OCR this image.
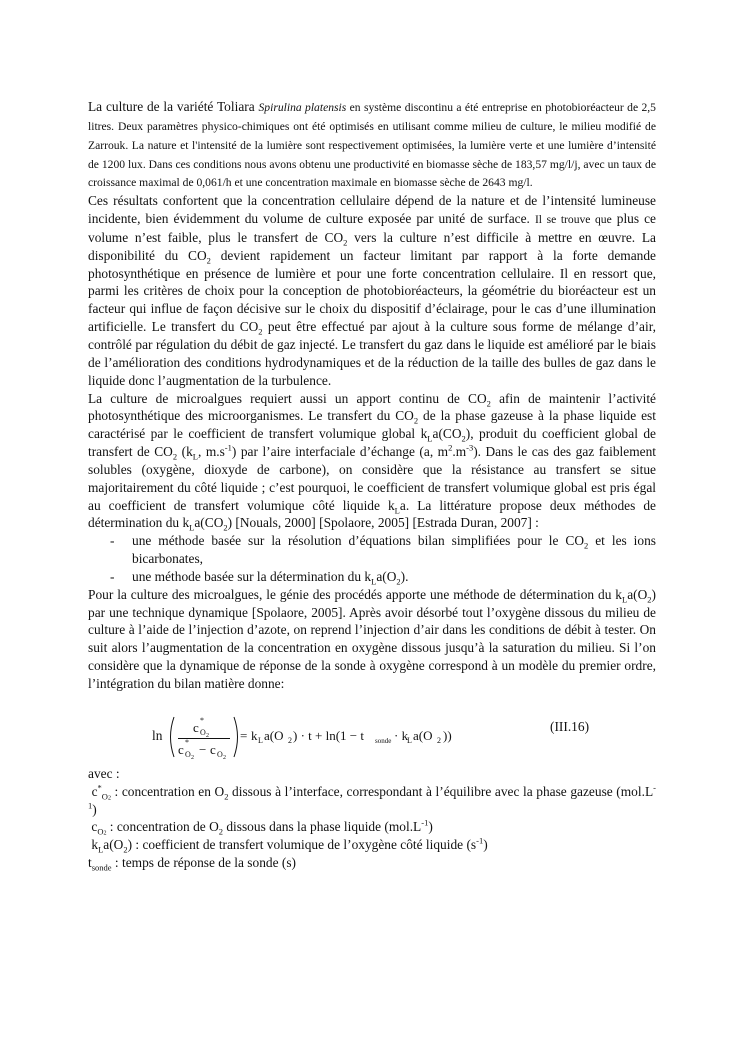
La culture de la variété Toliara Spirulina platensis en système discontinu a été entreprise en photobioréacteur de 2,5 litres. Deux paramètres physico-chimiques ont été optimisés en utilisant comme milieu de culture, le milieu modifié de Zarrouk. La nature et l'intensité de la lumière sont respectivement optimisées, la lumière verte et une lumière d’intensité de 1200 lux. Dans ces conditions nous avons obtenu une productivité en biomasse sèche de 183,57 mg/l/j, avec un taux de croissance maximal de 0,061/h et une concentration maximale en biomasse sèche de 2643 mg/l.

Ces résultats confortent que la concentration cellulaire dépend de la nature et de l’intensité lumineuse incidente, bien évidemment du volume de culture exposée par unité de surface. Il se trouve que plus ce volume n’est faible, plus le transfert de $CO_2$ vers la culture n’est difficile à mettre en œuvre. La disponibilité du $CO_2$ devient rapidement un facteur limitant par rapport à la forte demande photosynthétique en présence de lumière et pour une forte concentration cellulaire. Il en ressort que, parmi les critères de choix pour la conception de photobioréacteurs, la géométrie du bioréacteur est un facteur qui influe de façon décisive sur le choix du dispositif d’éclairage, pour le cas d’une illumination artificielle. Le transfert du $CO_2$ peut être effectué par ajout à la culture sous forme de mélange d’air, contrôlé par régulation du débit de gaz injecté. Le transfert du gaz dans le liquide est amélioré par le biais de l’amélioration des conditions hydrodynamiques et de la réduction de la taille des bulles de gaz dans le liquide donc l’augmentation de la turbulence.

La culture de microalgues requiert aussi un apport continu de $CO_2$ afin de maintenir l’activité photosynthétique des microorganismes. Le transfert du $CO_2$ de la phase gazeuse à la phase liquide est caractérisé par le coefficient de transfert volumique global $k_La(CO_2)$, produit du coefficient global de transfert de $CO_2$ ($k_L$, $m.s^{-1}$) par l’aire interfaciale d’échange (a, $m^2.m^{-3}$). Dans le cas des gaz faiblement solubles (oxygène, dioxyde de carbone), on considère que la résistance au transfert se situe majoritairement du côté liquide ; c’est pourquoi, le coefficient de transfert volumique global est pris égal au coefficient de transfert volumique côté liquide $k_La$. La littérature propose deux méthodes de détermination du $k_La(CO_2)$ [Nouals, 2000] [Spolaore, 2005] [Estrada Duran, 2007] :

- une méthode basée sur la résolution d’équations bilan simplifiées pour le $CO_2$ et les ions bicarbonates,
- une méthode basée sur la détermination du $k_La(O_2)$.

Pour la culture des microalgues, le génie des procédés apporte une méthode de détermination du $k_La(O_2)$ par une technique dynamique [Spolaore, 2005]. Après avoir désorbé tout l’oxygène dissous du milieu de culture à l’aide de l’injection d’azote, on reprend l’injection d’air dans les conditions de débit à tester. On suit alors l’augmentation de la concentration en oxygène dissous jusqu’à la saturation du milieu. Si l’on considère que la dynamique de réponse de la sonde à oxygène correspond à un modèle du premier ordre, l’intégration du bilan matière donne:

ln
c *
O 2
c *
O 2
− c O 2
= k L a(O 2 ) · t + ln(1 − t sonde · k
L a(O 2 ))
(III.16)

avec :

$c^*_{O2}$ : concentration en $O_2$ dissous à l’interface, correspondant à l’équilibre avec la phase gazeuse $(mol.L^{-1})$

$c_{O2}$ : concentration de $O_2$ dissous dans la phase liquide $(mol.L^{-1})$

$k_La(O_2)$ : coefficient de transfert volumique de l’oxygène côté liquide $(s^{-1})$

$t_{sonde}$ : temps de réponse de la sonde (s)
